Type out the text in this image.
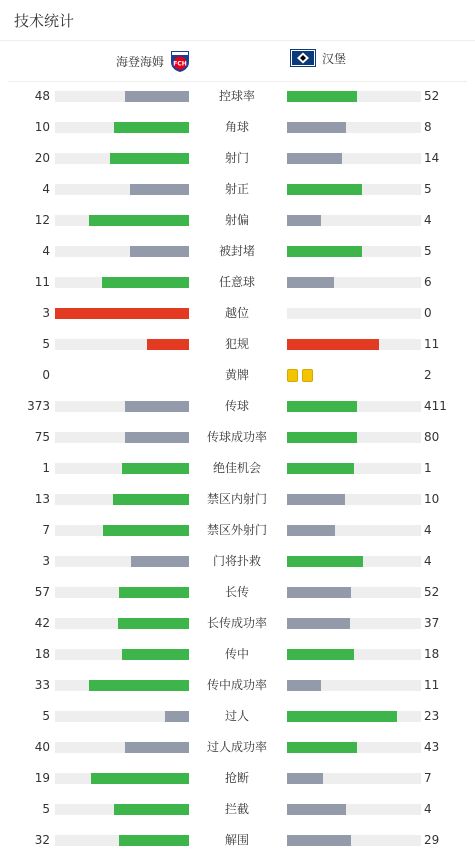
技术统计
海登海姆 FCH	汉堡
48	控球率	52
10	角球	8
20	射门	14
4	射正	5
12	射偏	4
4	被封堵	5
11	任意球	6
3	越位	0
5	犯规	11
0	黄牌	2
373	传球	411
75	传球成功率	80
1	绝佳机会	1
13	禁区内射门	10
7	禁区外射门	4
3	门将扑救	4
57	长传	52
42	长传成功率	37
18	传中	18
33	传中成功率	11
5	过人	23
40	过人成功率	43
19	抢断	7
5	拦截	4
32	解围	29
